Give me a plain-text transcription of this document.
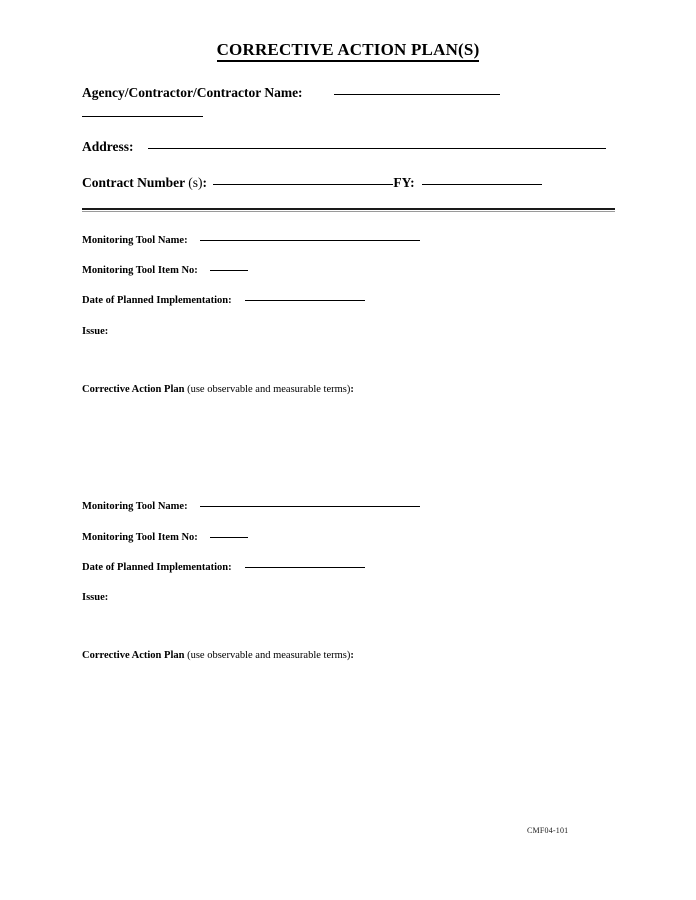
CORRECTIVE ACTION PLAN(S)
Agency/Contractor/Contractor Name:
Address:
Contract Number (s):	FY:
Monitoring Tool Name:
Monitoring Tool Item No:
Date of Planned Implementation:
Issue:
Corrective Action Plan (use observable and measurable terms):
Monitoring Tool Name:
Monitoring Tool Item No:
Date of Planned Implementation:
Issue:
Corrective Action Plan (use observable and measurable terms):
CMF04-101
